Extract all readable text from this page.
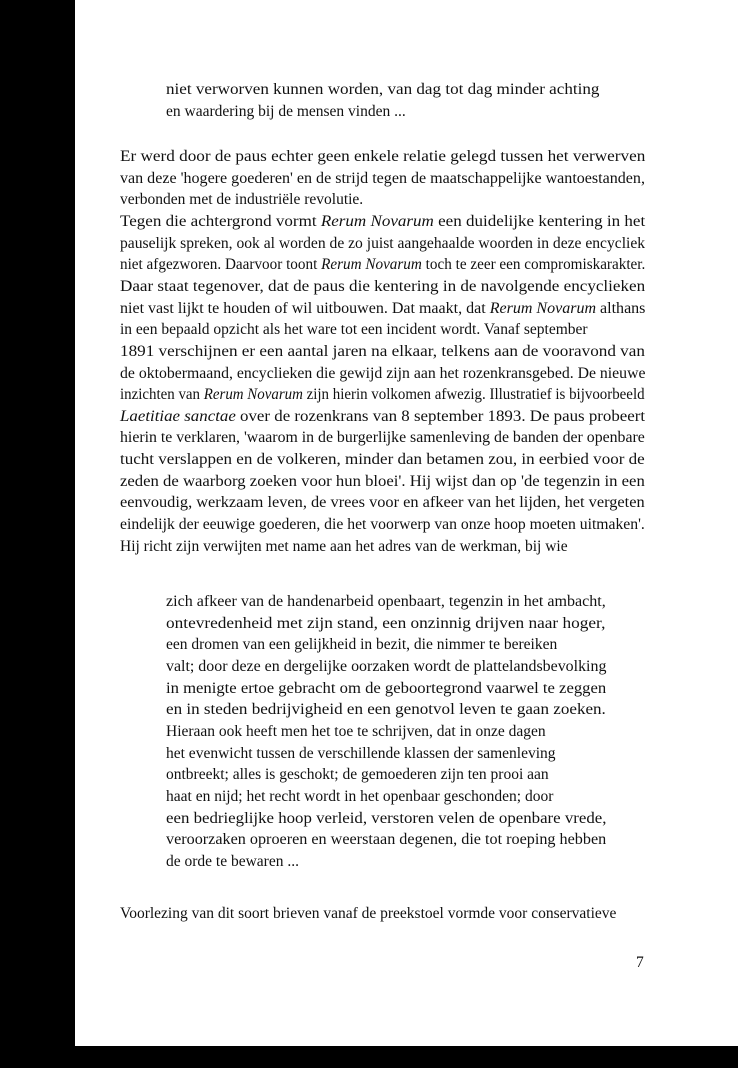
niet verworven kunnen worden, van dag tot dag minder achting
en waardering bij de mensen vinden ...
Er werd door de paus echter geen enkele relatie gelegd tussen het verwerven
van deze 'hogere goederen' en de strijd tegen de maatschappelijke wantoestanden,
verbonden met de industriële revolutie.
Tegen die achtergrond vormt Rerum Novarum een duidelijke kentering in het
pauselijk spreken, ook al worden de zo juist aangehaalde woorden in deze encycliek
niet afgezworen. Daarvoor toont Rerum Novarum toch te zeer een compromiskarakter.
Daar staat tegenover, dat de paus die kentering in de navolgende encyclieken
niet vast lijkt te houden of wil uitbouwen. Dat maakt, dat Rerum Novarum althans
in een bepaald opzicht als het ware tot een incident wordt. Vanaf september
1891 verschijnen er een aantal jaren na elkaar, telkens aan de vooravond van
de oktobermaand, encyclieken die gewijd zijn aan het rozenkransgebed. De nieuwe
inzichten van Rerum Novarum zijn hierin volkomen afwezig. Illustratief is bijvoorbeeld
Laetitiae sanctae over de rozenkrans van 8 september 1893. De paus probeert
hierin te verklaren, 'waarom in de burgerlijke samenleving de banden der openbare
tucht verslappen en de volkeren, minder dan betamen zou, in eerbied voor de
zeden de waarborg zoeken voor hun bloei'. Hij wijst dan op 'de tegenzin in een
eenvoudig, werkzaam leven, de vrees voor en afkeer van het lijden, het vergeten
eindelijk der eeuwige goederen, die het voorwerp van onze hoop moeten uitmaken'.
Hij richt zijn verwijten met name aan het adres van de werkman, bij wie
zich afkeer van de handenarbeid openbaart, tegenzin in het ambacht,
ontevredenheid met zijn stand, een onzinnig drijven naar hoger,
een dromen van een gelijkheid in bezit, die nimmer te bereiken
valt; door deze en dergelijke oorzaken wordt de plattelandsbevolking
in menigte ertoe gebracht om de geboortegrond vaarwel te zeggen
en in steden bedrijvigheid en een genotvol leven te gaan zoeken.
Hieraan ook heeft men het toe te schrijven, dat in onze dagen
het evenwicht tussen de verschillende klassen der samenleving
ontbreekt; alles is geschokt; de gemoederen zijn ten prooi aan
haat en nijd; het recht wordt in het openbaar geschonden; door
een bedrieglijke hoop verleid, verstoren velen de openbare vrede,
veroorzaken oproeren en weerstaan degenen, die tot roeping hebben
de orde te bewaren ...
Voorlezing van dit soort brieven vanaf de preekstoel vormde voor conservatieve
7
